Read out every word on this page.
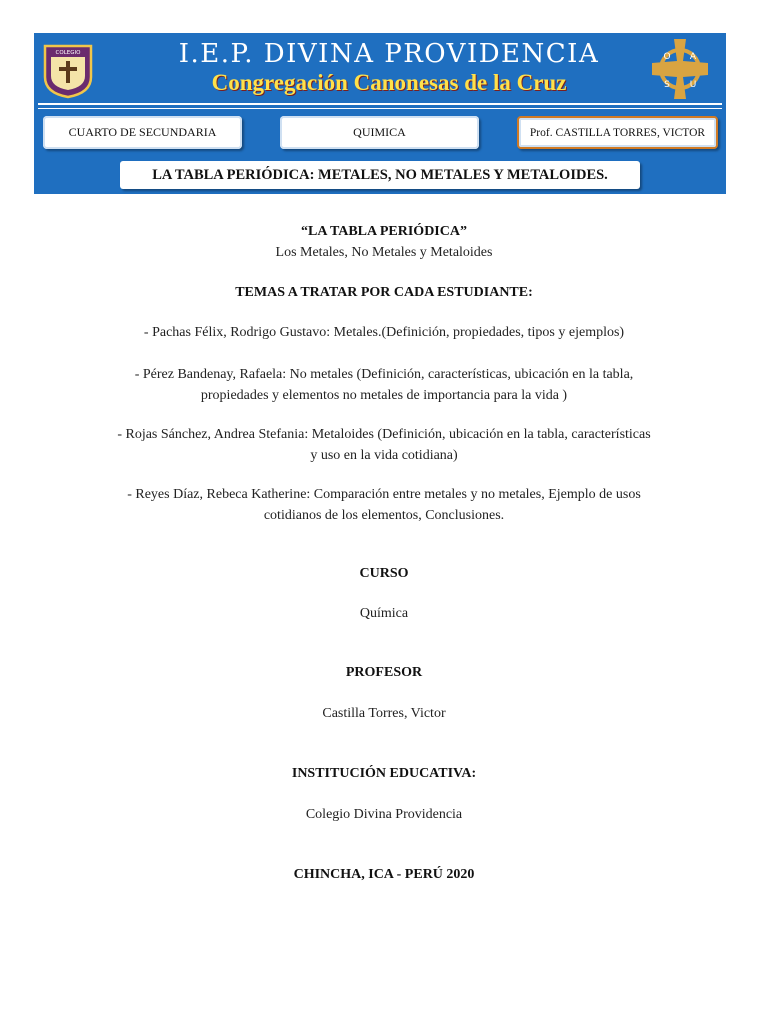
COLEGIO	I.E.P. DIVINA PROVIDENCIA
Congregación Canonesas de la Cruz
O A
S U
CUARTO DE SECUNDARIA	QUIMICA	Prof. CASTILLA TORRES, VICTOR
LA TABLA PERIÓDICA: METALES, NO METALES Y METALOIDES.
“LA TABLA PERIÓDICA”
Los Metales, No Metales y Metaloides
TEMAS A TRATAR POR CADA ESTUDIANTE:
- Pachas Félix, Rodrigo Gustavo: Metales.(Definición, propiedades, tipos y ejemplos)
- Pérez Bandenay, Rafaela: No metales (Definición, características, ubicación en la tabla,
propiedades y elementos no metales de importancia para la vida )
- Rojas Sánchez, Andrea Stefania: Metaloides (Definición, ubicación en la tabla, características
y uso en la vida cotidiana)
- Reyes Díaz, Rebeca Katherine: Comparación entre metales y no metales, Ejemplo de usos
cotidianos de los elementos, Conclusiones.
CURSO
Química
PROFESOR
Castilla Torres, Victor
INSTITUCIÓN EDUCATIVA:
Colegio Divina Providencia
CHINCHA, ICA - PERÚ 2020
